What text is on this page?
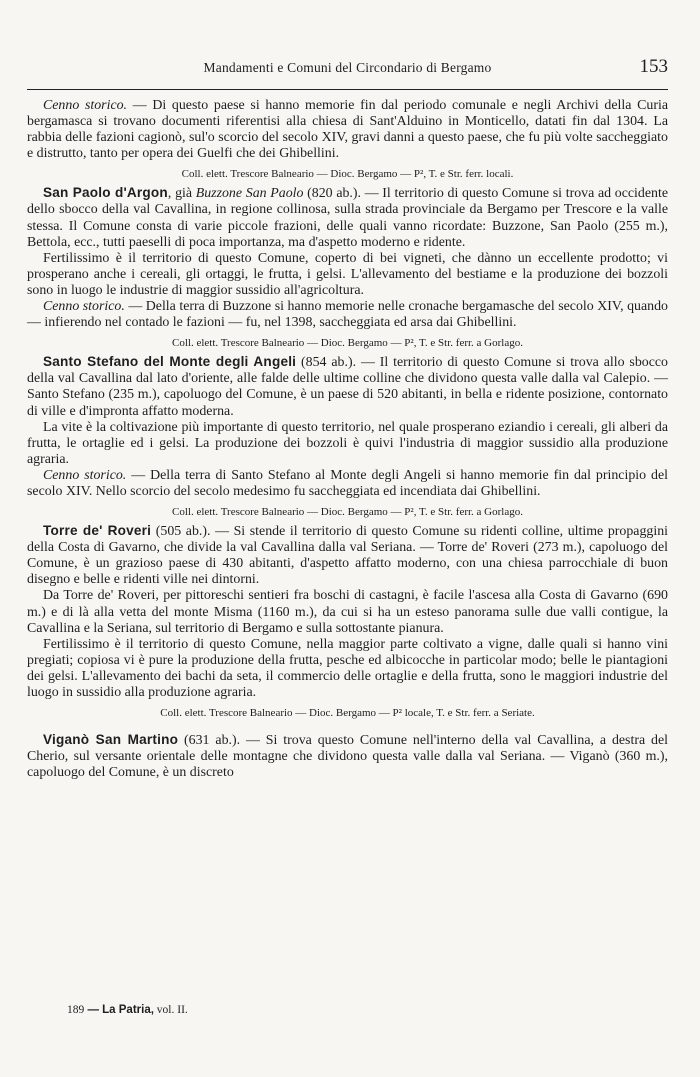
Mandamenti e Comuni del Circondario di Bergamo	153

Cenno storico. — Di questo paese si hanno memorie fin dal periodo comunale e negli Archivi della Curia bergamasca si trovano documenti riferentisi alla chiesa di Sant'Alduino in Monticello, datati fin dal 1304. La rabbia delle fazioni cagionò, sul'o scorcio del secolo XIV, gravi danni a questo paese, che fu più volte saccheggiato e distrutto, tanto per opera dei Guelfi che dei Ghibellini.

Coll. elett. Trescore Balneario — Dioc. Bergamo — P², T. e Str. ferr. locali.

San Paolo d'Argon, già Buzzone San Paolo (820 ab.). — Il territorio di questo Comune si trova ad occidente dello sbocco della val Cavallina, in regione collinosa, sulla strada provinciale da Bergamo per Trescore e la valle stessa. Il Comune consta di varie piccole frazioni, delle quali vanno ricordate: Buzzone, San Paolo (255 m.), Bettola, ecc., tutti paeselli di poca importanza, ma d'aspetto moderno e ridente.

Fertilissimo è il territorio di questo Comune, coperto di bei vigneti, che dànno un eccellente prodotto; vi prosperano anche i cereali, gli ortaggi, le frutta, i gelsi. L'allevamento del bestiame e la produzione dei bozzoli sono in luogo le industrie di maggior sussidio all'agricoltura.

Cenno storico. — Della terra di Buzzone si hanno memorie nelle cronache bergamasche del secolo XIV, quando — infierendo nel contado le fazioni — fu, nel 1398, saccheggiata ed arsa dai Ghibellini.

Coll. elett. Trescore Balneario — Dioc. Bergamo — P², T. e Str. ferr. a Gorlago.

Santo Stefano del Monte degli Angeli (854 ab.). — Il territorio di questo Comune si trova allo sbocco della val Cavallina dal lato d'oriente, alle falde delle ultime colline che dividono questa valle dalla val Calepio. — Santo Stefano (235 m.), capoluogo del Comune, è un paese di 520 abitanti, in bella e ridente posizione, contornato di ville e d'impronta affatto moderna.

La vite è la coltivazione più importante di questo territorio, nel quale prosperano eziandio i cereali, gli alberi da frutta, le ortaglie ed i gelsi. La produzione dei bozzoli è quivi l'industria di maggior sussidio alla produzione agraria.

Cenno storico. — Della terra di Santo Stefano al Monte degli Angeli si hanno memorie fin dal principio del secolo XIV. Nello scorcio del secolo medesimo fu saccheggiata ed incendiata dai Ghibellini.

Coll. elett. Trescore Balneario — Dioc. Bergamo — P², T. e Str. ferr. a Gorlago.

Torre de' Roveri (505 ab.). — Si stende il territorio di questo Comune su ridenti colline, ultime propaggini della Costa di Gavarno, che divide la val Cavallina dalla val Seriana. — Torre de' Roveri (273 m.), capoluogo del Comune, è un grazioso paese di 430 abitanti, d'aspetto affatto moderno, con una chiesa parrocchiale di buon disegno e belle e ridenti ville nei dintorni.

Da Torre de' Roveri, per pittoreschi sentieri fra boschi di castagni, è facile l'ascesa alla Costa di Gavarno (690 m.) e di là alla vetta del monte Misma (1160 m.), da cui si ha un esteso panorama sulle due valli contigue, la Cavallina e la Seriana, sul territorio di Bergamo e sulla sottostante pianura.

Fertilissimo è il territorio di questo Comune, nella maggior parte coltivato a vigne, dalle quali si hanno vini pregiati; copiosa vi è pure la produzione della frutta, pesche ed albicocche in particolar modo; belle le piantagioni dei gelsi. L'allevamento dei bachi da seta, il commercio delle ortaglie e della frutta, sono le maggiori industrie del luogo in sussidio alla produzione agraria.

Coll. elett. Trescore Balneario — Dioc. Bergamo — P² locale, T. e Str. ferr. a Seriate.

Viganò San Martino (631 ab.). — Si trova questo Comune nell'interno della val Cavallina, a destra del Cherio, sul versante orientale delle montagne che dividono questa valle dalla val Seriana. — Viganò (360 m.), capoluogo del Comune, è un discreto

189 — La Patria, vol. II.
